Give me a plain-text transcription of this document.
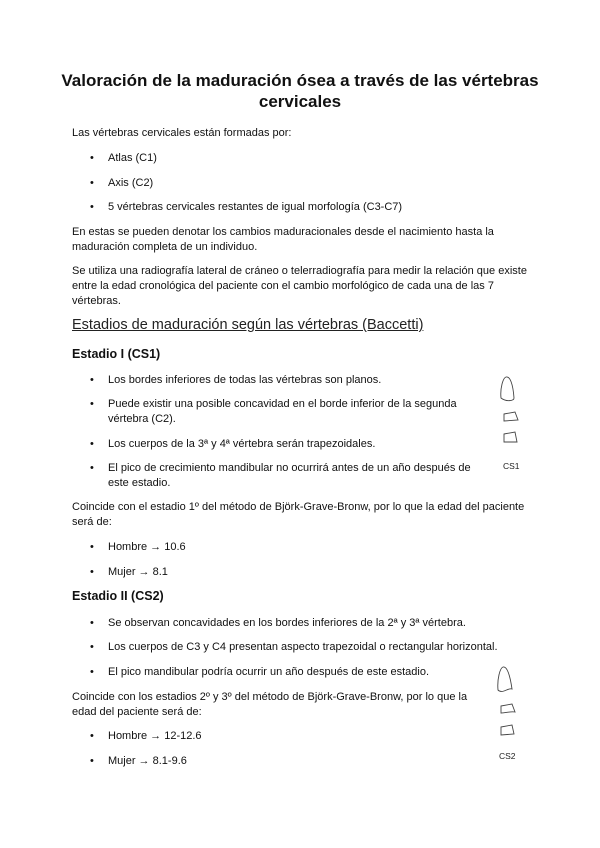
Valoración de la maduración ósea a través de las vértebras cervicales
Las vértebras cervicales están formadas por:
• Atlas (C1)
• Axis (C2)
• 5 vértebras cervicales restantes de igual morfología (C3-C7)
En estas se pueden denotar los cambios maduracionales desde el nacimiento hasta la maduración completa de un individuo.
Se utiliza una radiografía lateral de cráneo o telerradiografía para medir la relación que existe entre la edad cronológica del paciente con el cambio morfológico de cada una de las 7 vértebras.
Estadios de maduración según las vértebras (Baccetti)
Estadio I (CS1)
• Los bordes inferiores de todas las vértebras son planos.
• Puede existir una posible concavidad en el borde inferior de la segunda vértebra (C2).
• Los cuerpos de la 3ª y 4ª vértebra serán trapezoidales.
• El pico de crecimiento mandibular no ocurrirá antes de un año después de este estadio.
Coincide con el estadio 1º del método de Björk-Grave-Bronw, por lo que la edad del paciente será de:
• Hombre → 10.6
• Mujer → 8.1
CS1
Estadio II (CS2)
• Se observan concavidades en los bordes inferiores de la 2ª y 3ª vértebra.
• Los cuerpos de C3 y C4 presentan aspecto trapezoidal o rectangular horizontal.
• El pico mandibular podría ocurrir un año después de este estadio.
Coincide con los estadios 2º y 3º del método de Björk-Grave-Bronw, por lo que la edad del paciente será de:
• Hombre → 12-12.6
• Mujer → 8.1-9.6	CS2
